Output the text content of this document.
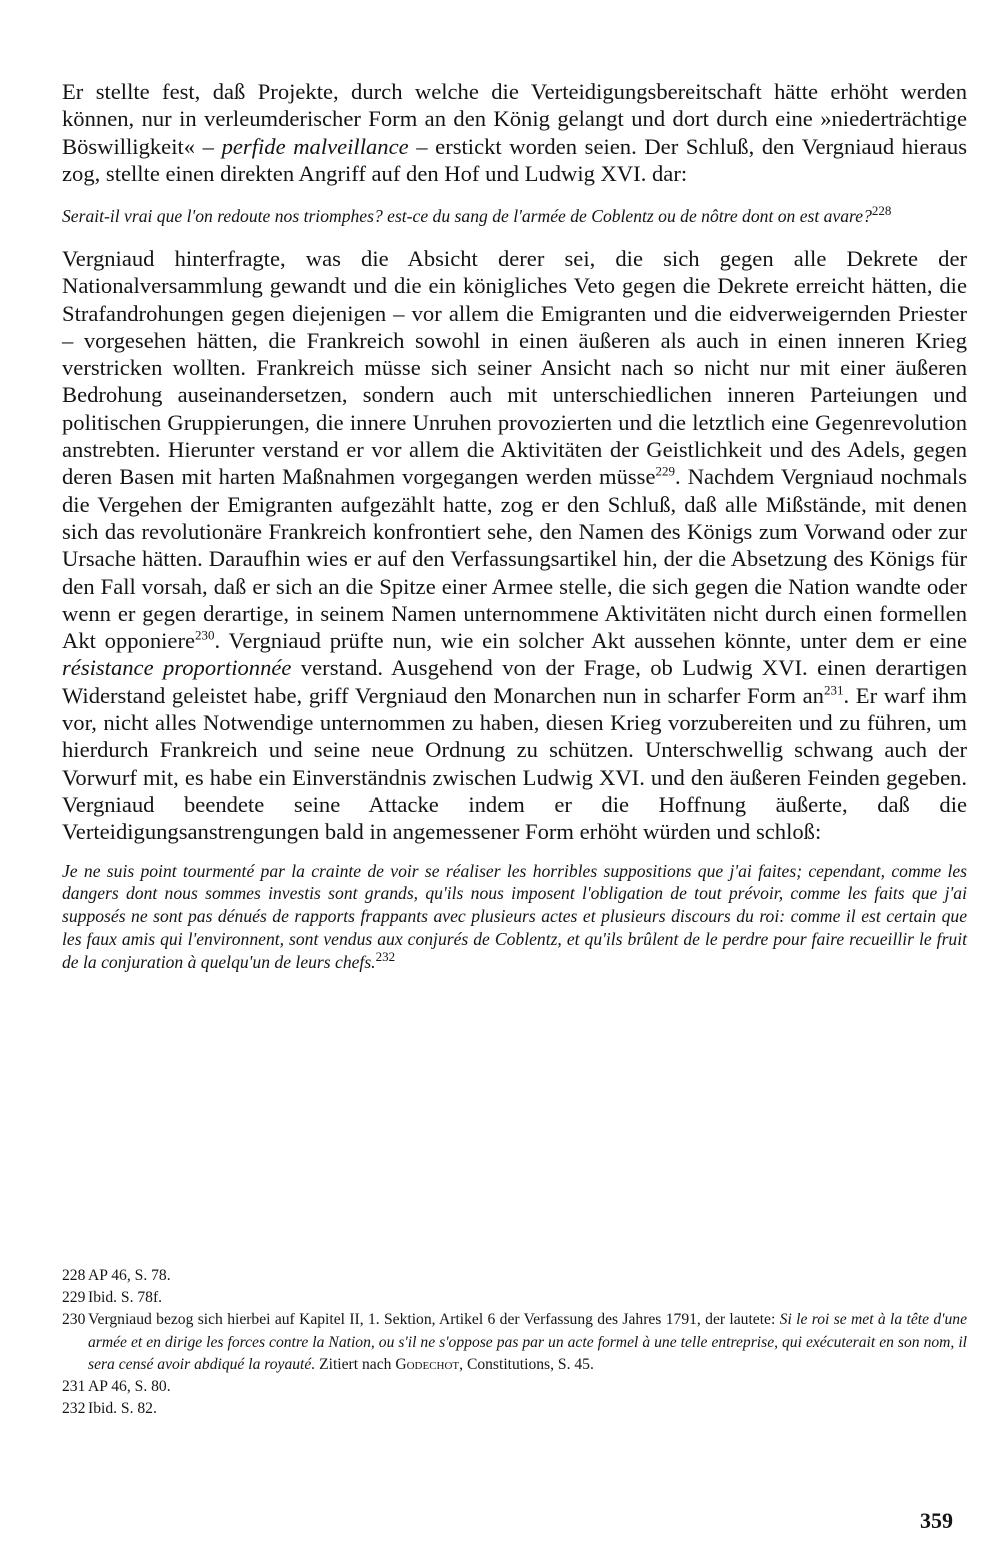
Er stellte fest, daß Projekte, durch welche die Verteidigungsbereitschaft hätte erhöht werden können, nur in verleumderischer Form an den König gelangt und dort durch eine »niederträchtige Böswilligkeit« – perfide malveillance – erstickt worden seien. Der Schluß, den Vergniaud hieraus zog, stellte einen direkten Angriff auf den Hof und Ludwig XVI. dar:

Serait-il vrai que l'on redoute nos triomphes? est-ce du sang de l'armée de Coblentz ou de nôtre dont on est avare?$^{228}$

Vergniaud hinterfragte, was die Absicht derer sei, die sich gegen alle Dekrete der Nationalversammlung gewandt und die ein königliches Veto gegen die Dekrete erreicht hätten, die Strafandrohungen gegen diejenigen – vor allem die Emigranten und die eidverweigernden Priester – vorgesehen hätten, die Frankreich sowohl in einen äußeren als auch in einen inneren Krieg verstricken wollten. Frankreich müsse sich seiner Ansicht nach so nicht nur mit einer äußeren Bedrohung auseinandersetzen, sondern auch mit unterschiedlichen inneren Parteiungen und politischen Gruppierungen, die innere Unruhen provozierten und die letztlich eine Gegenrevolution anstrebten. Hierunter verstand er vor allem die Aktivitäten der Geistlichkeit und des Adels, gegen deren Basen mit harten Maßnahmen vorgegangen werden müsse$^{229}$. Nachdem Vergniaud nochmals die Vergehen der Emigranten aufgezählt hatte, zog er den Schluß, daß alle Mißstände, mit denen sich das revolutionäre Frankreich konfrontiert sehe, den Namen des Königs zum Vorwand oder zur Ursache hätten. Daraufhin wies er auf den Verfassungsartikel hin, der die Absetzung des Königs für den Fall vorsah, daß er sich an die Spitze einer Armee stelle, die sich gegen die Nation wandte oder wenn er gegen derartige, in seinem Namen unternommene Aktivitäten nicht durch einen formellen Akt opponiere$^{230}$. Vergniaud prüfte nun, wie ein solcher Akt aussehen könnte, unter dem er eine résistance proportionnée verstand. Ausgehend von der Frage, ob Ludwig XVI. einen derartigen Widerstand geleistet habe, griff Vergniaud den Monarchen nun in scharfer Form an$^{231}$. Er warf ihm vor, nicht alles Notwendige unternommen zu haben, diesen Krieg vorzubereiten und zu führen, um hierdurch Frankreich und seine neue Ordnung zu schützen. Unterschwellig schwang auch der Vorwurf mit, es habe ein Einverständnis zwischen Ludwig XVI. und den äußeren Feinden gegeben. Vergniaud beendete seine Attacke indem er die Hoffnung äußerte, daß die Verteidigungsanstrengungen bald in angemessener Form erhöht würden und schloß:

Je ne suis point tourmenté par la crainte de voir se réaliser les horribles suppositions que j'ai faites; cependant, comme les dangers dont nous sommes investis sont grands, qu'ils nous imposent l'obligation de tout prévoir, comme les faits que j'ai supposés ne sont pas dénués de rapports frappants avec plusieurs actes et plusieurs discours du roi: comme il est certain que les faux amis qui l'environnent, sont vendus aux conjurés de Coblentz, et qu'ils brûlent de le perdre pour faire recueillir le fruit de la conjuration à quelqu'un de leurs chefs.$^{232}$

228 AP 46, S. 78.

229 Ibid. S. 78f.

230 Vergniaud bezog sich hierbei auf Kapitel II, 1. Sektion, Artikel 6 der Verfassung des Jahres 1791, der lautete: Si le roi se met à la tête d'une armée et en dirige les forces contre la Nation, ou s'il ne s'oppose pas par un acte formel à une telle entreprise, qui exécuterait en son nom, il sera censé avoir abdiqué la royauté. Zitiert nach Godechot, Constitutions, S. 45.

231 AP 46, S. 80.

232 Ibid. S. 82.

359
